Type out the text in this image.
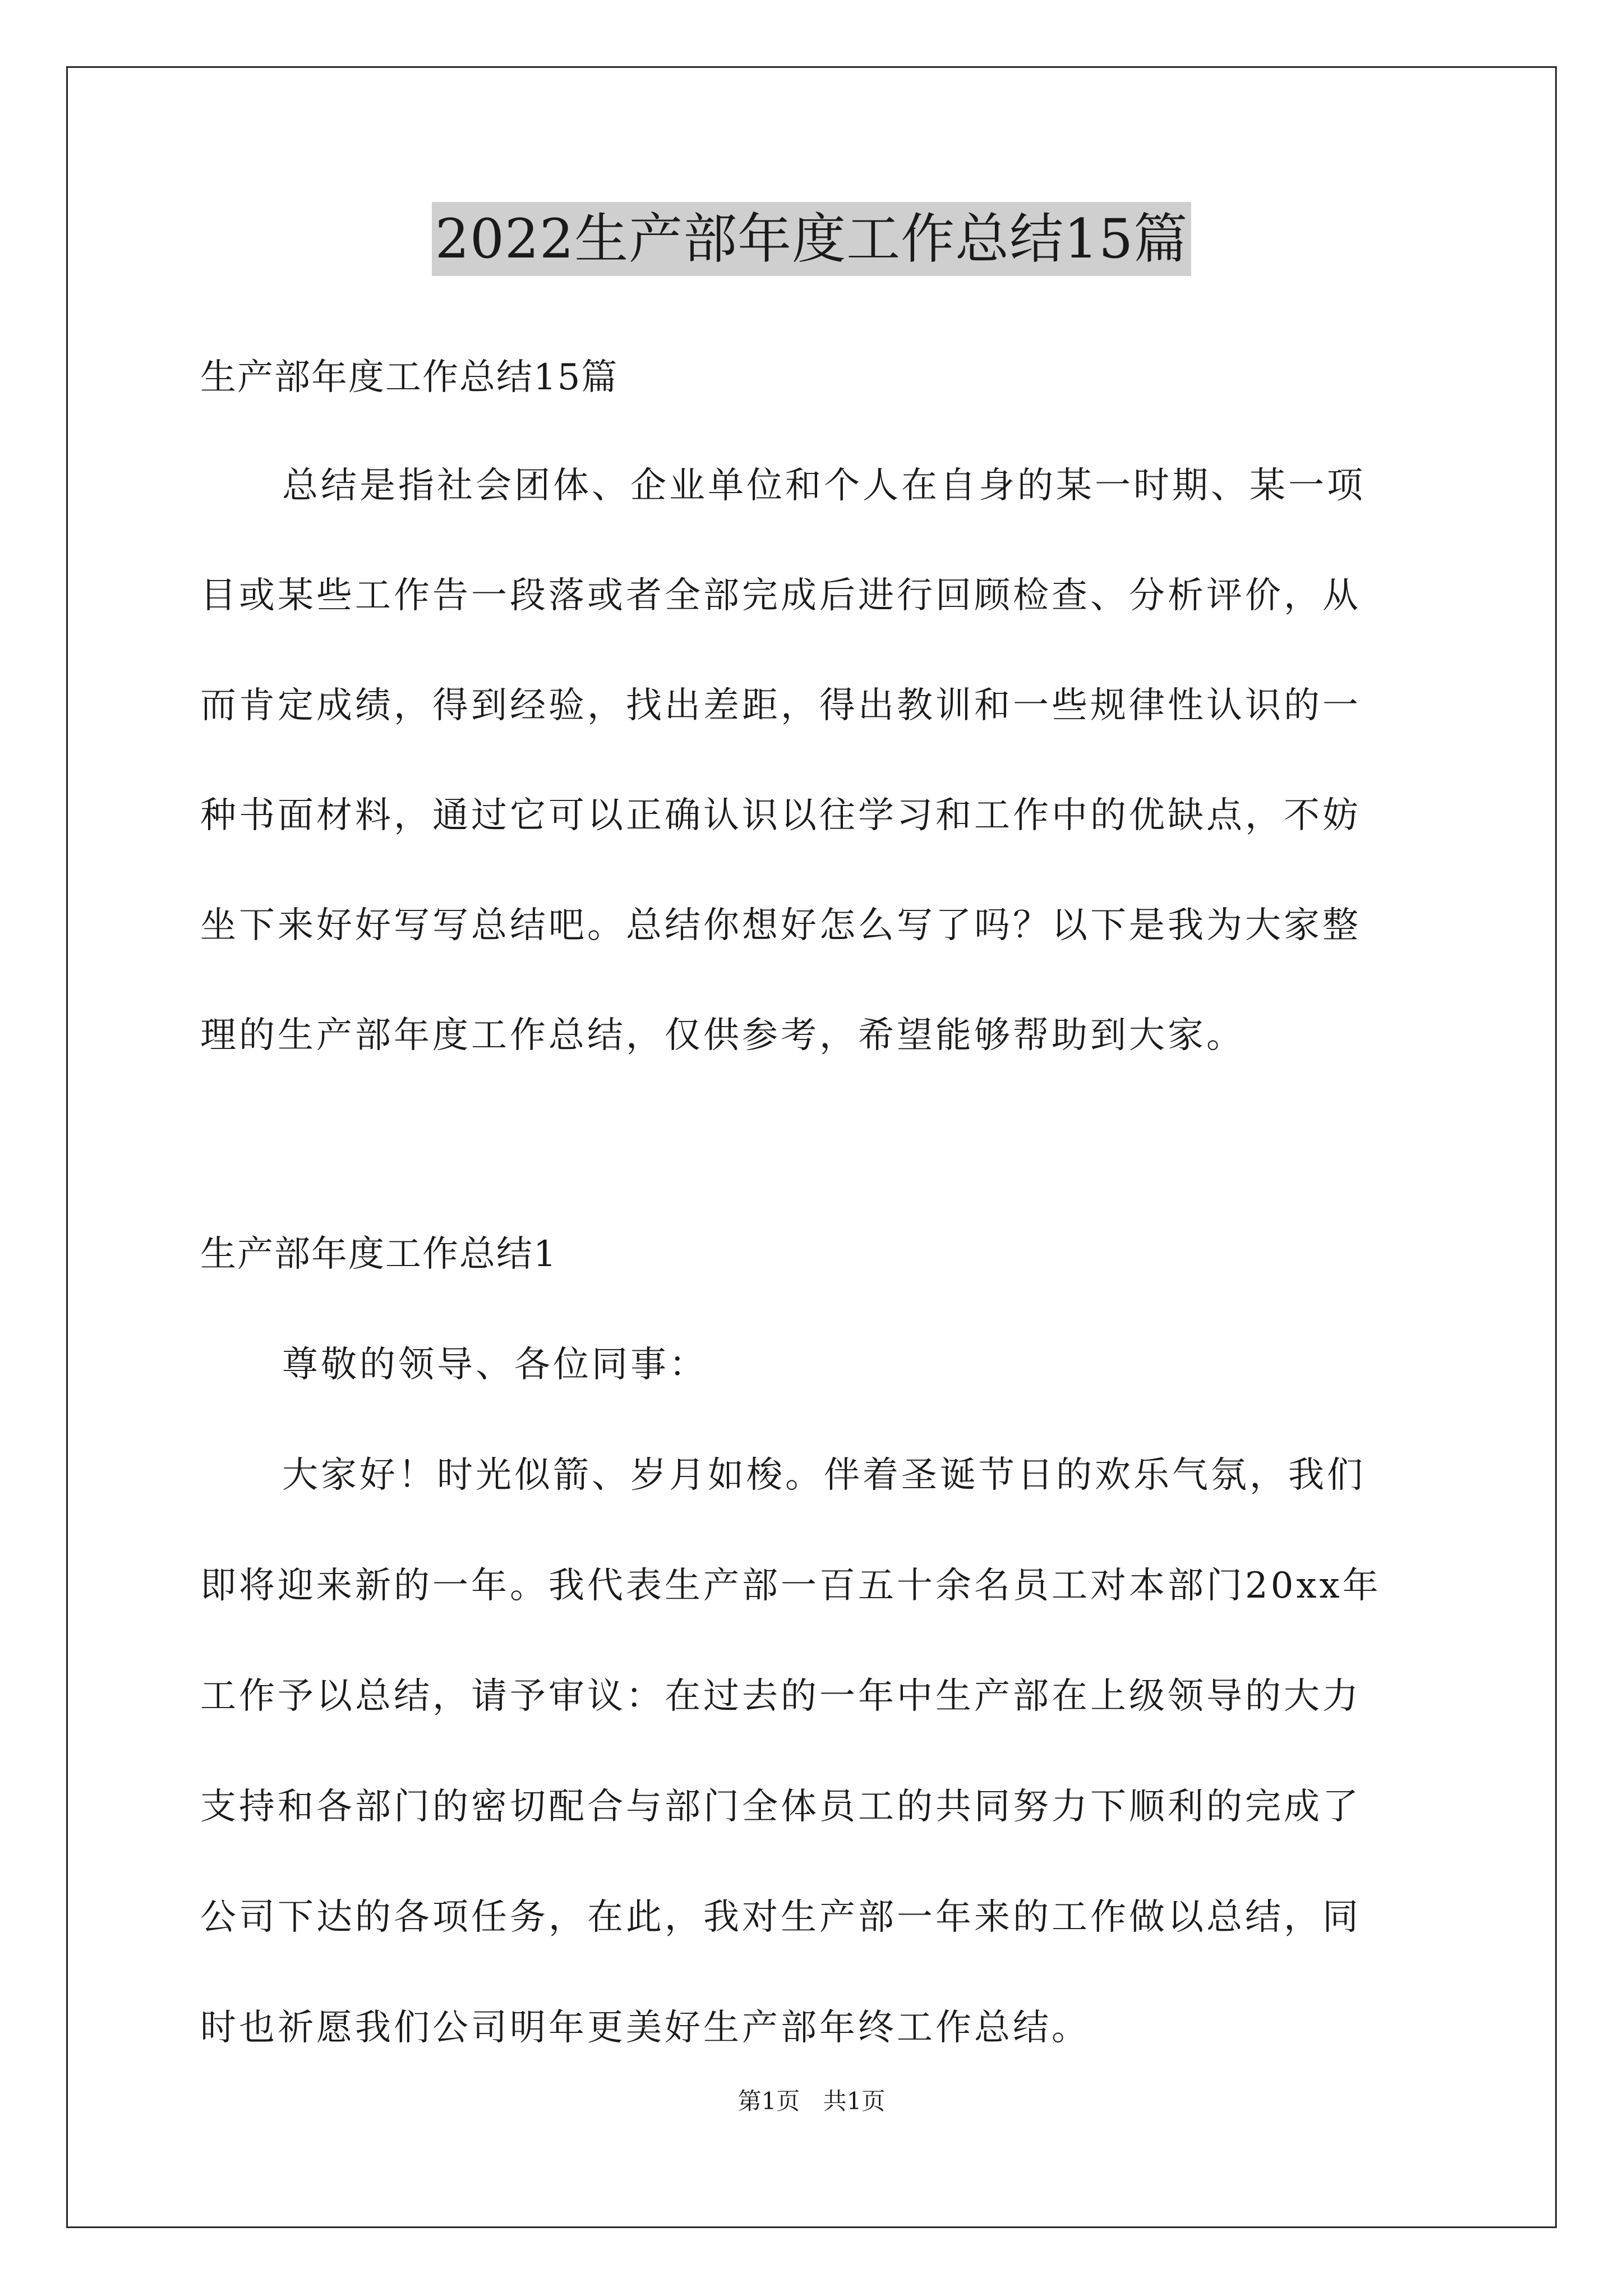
2022生产部年度工作总结15篇
生产部年度工作总结15篇
总结是指社会团体、企业单位和个人在自身的某一时期、某一项
目或某些工作告一段落或者全部完成后进行回顾检查、分析评价，从
而肯定成绩，得到经验，找出差距，得出教训和一些规律性认识的一
种书面材料，通过它可以正确认识以往学习和工作中的优缺点，不妨
坐下来好好写写总结吧。总结你想好怎么写了吗？以下是我为大家整
理的生产部年度工作总结，仅供参考，希望能够帮助到大家。
生产部年度工作总结1
尊敬的领导、各位同事：
大家好！时光似箭、岁月如梭。伴着圣诞节日的欢乐气氛，我们
即将迎来新的一年。我代表生产部一百五十余名员工对本部门20xx年
工作予以总结，请予审议：在过去的一年中生产部在上级领导的大力
支持和各部门的密切配合与部门全体员工的共同努力下顺利的完成了
公司下达的各项任务，在此，我对生产部一年来的工作做以总结，同
时也祈愿我们公司明年更美好生产部年终工作总结。
第1页 共1页
